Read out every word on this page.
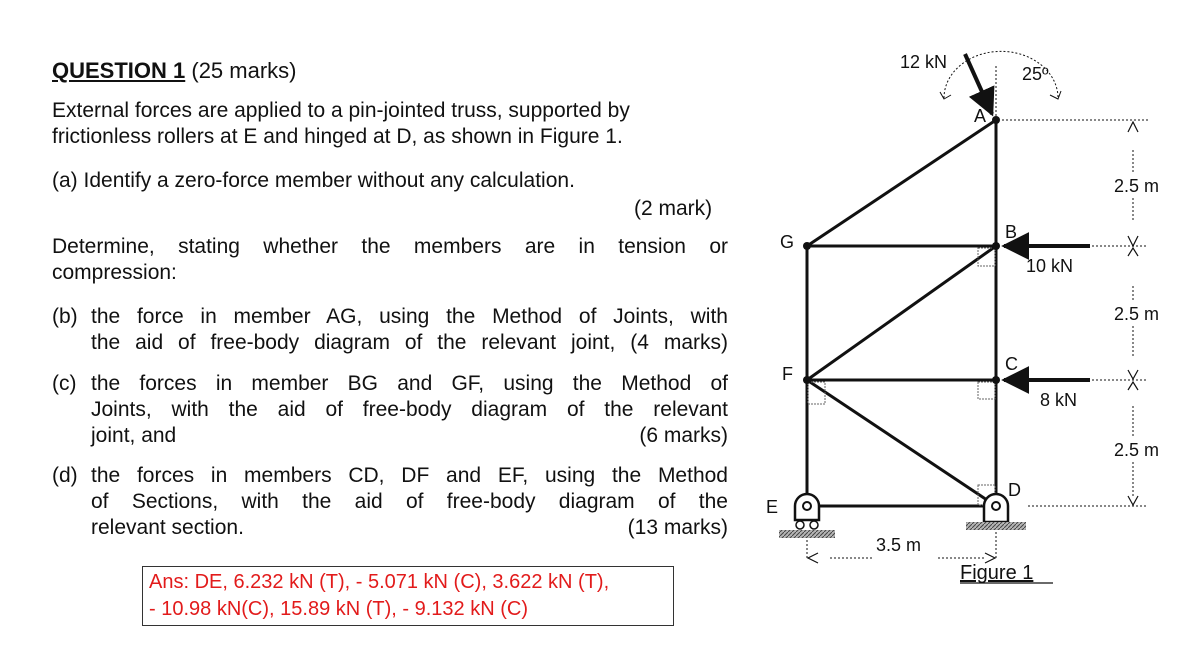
QUESTION 1 (25 marks)
External forces are applied to a pin-jointed truss, supported by
frictionless rollers at E and hinged at D, as shown in Figure 1.
(a) Identify a zero-force member without any calculation.
(2 mark)
Determine, stating whether the members are in tension or
compression:
(b) the force in member AG, using the Method of Joints, with
the aid of free-body diagram of the relevant joint, (4 marks)
(c) the forces in member BG and GF, using the Method of
Joints, with the aid of free-body diagram of the relevant
joint, and	(6 marks)
(d) the forces in members CD, DF and EF, using the Method
of Sections, with the aid of free-body diagram of the
relevant section.	(13 marks)
Ans: DE, 6.232 kN (T), - 5.071 kN (C), 3.622 kN (T),
- 10.98 kN(C), 15.89 kN (T), - 9.132 kN (C)
A
B
C
D
E
F
G
12 kN
25º
10 kN
8 kN
2.5 m
2.5 m
2.5 m
3.5 m
Figure 1
